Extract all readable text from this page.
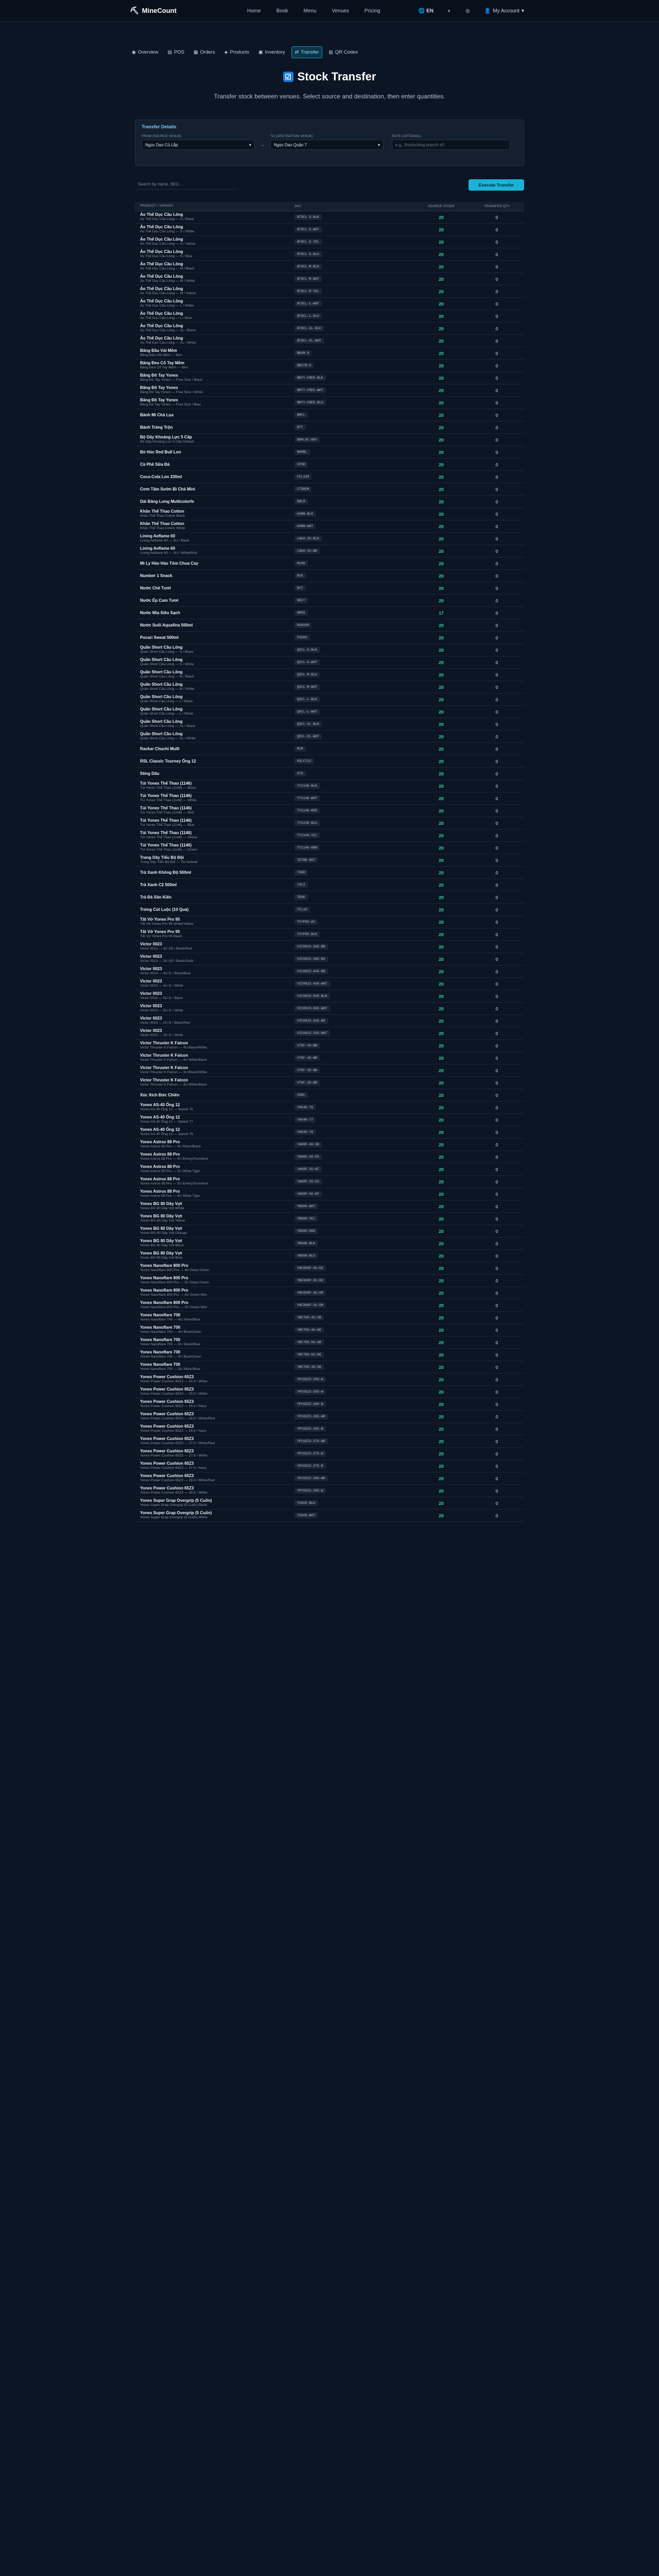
⛏ MineCount	Home	Book	Menu	Venues	Pricing	🌐 EN	◐	◎	👤 My Account ▾
◉ Overview ▤ POS ▦ Orders ◈ Products ▣ Inventory ⇄ Transfer ▥ QR Codes
☑ Stock Transfer
Transfer stock between venues. Select source and destination, then enter quantities.
Transfer Details
FROM (SOURCE VENUE)
Ngọc Dao Củ Lắp	▾ →
TO (DESTINATION VENUE)
Ngọc Dao Quận 7	▾
NOTE (OPTIONAL)
e.g., Restocking branch #2
Search by name, SKU...	Execute Transfer
PRODUCT / VARIANT	SKU	SOURCE STOCK	TRANSFER QTY
Áo Thể Dục Cầu Lông
Áo Thể Dục Cầu Lông — S / Black
ÁTDCL-S-BLK	20	0
Áo Thể Dục Cầu Lông
Áo Thể Dục Cầu Lông — S / White
ÁTDCL-S-WHT	20	0
Áo Thể Dục Cầu Lông
Áo Thể Dục Cầu Lông — S / Yellow
ÁTDCL-S-YEL	20	0
Áo Thể Dục Cầu Lông
Áo Thể Dục Cầu Lông — S / Blue
ÁTDCL-S-BLU	20	0
Áo Thể Dục Cầu Lông
Áo Thể Dục Cầu Lông — M / Black
ÁTDCL-M-BLK	20	0
Áo Thể Dục Cầu Lông
Áo Thể Dục Cầu Lông — M / White
ÁTDCL-M-WHT	20	0
Áo Thể Dục Cầu Lông
Áo Thể Dục Cầu Lông — M / Yellow
ÁTDCL-M-YEL	20	0
Áo Thể Dục Cầu Lông
Áo Thể Dục Cầu Lông — L / White
ÁTDCL-L-WHT	20	0
Áo Thể Dục Cầu Lông
Áo Thể Dục Cầu Lông — L / Blue
ÁTDCL-L-BLU	20	0
Áo Thể Dục Cầu Lông
Áo Thể Dục Cầu Lông — XL / Black
ÁTDCL-XL-BLK	20	0
Áo Thể Dục Cầu Lông
Áo Thể Dục Cầu Lông — XL / White
ÁTDCL-XL-WHT	20	0
Băng Đầu Vải Mềm
Băng Đầu Vải Mềm — Đen
BĐVM-D	20	0
Băng Đeo Cổ Tay Mềm
Băng Đeo Cổ Tay Mềm — Đen
BĐCTM-D	20	0
Băng Đô Tay Yonex
Băng Đô Tay Yonex — Free Size / Black
BĐTY-FREE-BLK	20	0
Băng Đô Tay Yonex
Băng Đô Tay Yonex — Free Size / White
BĐTY-FREE-WHT	20	0
Băng Đô Tay Yonex
Băng Đô Tay Yonex — Free Size / Blue
BĐTY-FREE-BLU	20	0
Bánh Mì Chả Lụa	BMCL	20	0
Bánh Tráng Trộn	BTT	20	0
Bộ Dây Khoáng Lực 5 Cấp
Bộ Dây Khoáng Lực 5 Cấp Default
BDKL5C-DEF	20	0
Bò Húc Red Bull Lon	BHRBL	20	0
Cà Phê Sữa Đá	CPSĐ	20	0
Coca-Cola Lon 330ml	CCL330	20	0
Cơm Tấm Sườn Bì Chả Mini	CTSBCM	20	0
Dải Băng Lưng Multicolorfe	DBLM	20	0
Khăn Thể Thao Cotton
Khăn Thể Thao Cotton Black
KHĂN-BLK	20	0
Khăn Thể Thao Cotton
Khăn Thể Thao Cotton White
KHĂN-WHT	20	0
Lining Aeflame 60
Lining Aeflame 60 — 3U / Black
LA60-3U-BLK	20	0
Lining Aeflame 60
Lining Aeflame 60 — 3U / White/Red
LA60-3U-WR	20	0
Mì Ly Hảo Hảo Tôm Chua Cay	MLHH	20	0
Number 1 Snack	N1S	20	0
Nước Chè Tươi	NCT	20	0
Nước Ép Cam Tươi	NECT	20	0
Nước Mía Siêu Sạch	NMSS	17	0
Nước Suối Aquafina 500ml	NSA500	20	0
Pocari Sweat 500ml	PS500	20	0
Quần Short Cầu Lông
Quần Short Cầu Lông — S / Black
QSCL-S-BLK	20	0
Quần Short Cầu Lông
Quần Short Cầu Lông — S / White
QSCL-S-WHT	20	0
Quần Short Cầu Lông
Quần Short Cầu Lông — M / Black
QSCL-M-BLK	20	0
Quần Short Cầu Lông
Quần Short Cầu Lông — M / White
QSCL-M-WHT	20	0
Quần Short Cầu Lông
Quần Short Cầu Lông — L / Black
QSCL-L-BLK	20	0
Quần Short Cầu Lông
Quần Short Cầu Lông — L / White
QSCL-L-WHT	20	0
Quần Short Cầu Lông
Quần Short Cầu Lông — XL / Black
QSCL-XL-BLK	20	0
Quần Short Cầu Lông
Quần Short Cầu Lông — XL / White
QSCL-XL-WHT	20	0
Rackar Chuchi Mulli	RCM	20	0
RSL Classic Tourney Ống 12	RSLCT12	20	0
Sting Dâu	STD	20	0
Túi Yonex Thể Thao (1146)
Túi Yonex Thể Thao (1146) — Black
TY1146-BLK	20	0
Túi Yonex Thể Thao (1146)
Túi Yonex Thể Thao (1146) — White
TY1146-WHT	20	0
Túi Yonex Thể Thao (1146)
Túi Yonex Thể Thao (1146) — Red
TY1146-RED	20	0
Túi Yonex Thể Thao (1146)
Túi Yonex Thể Thao (1146) — Blue
TY1146-BLU	20	0
Túi Yonex Thể Thao (1146)
Túi Yonex Thể Thao (1146) — Yellow
TY1146-YEL	20	0
Túi Yonex Thể Thao (1146)
Túi Yonex Thể Thao (1146) — Green
TY1146-GRN	20	0
Trang Dây Tiểu Bộ Đội
Trang Dây Tiểu Bộ Đội — Tie Default
TDTBĐ-DEF	20	0
Trà Xanh Không Độ 500ml	TXKĐ	20	0
Trà Xanh C2 500ml	TXC2	20	0
Trà Đá Sân Kiến	TĐSK	20	0
Trứng Cút Luộc (10 Quả)	TCL10	20	0
Tất Vớ Yonex Pro 95
Tất Vớ Yonex Pro 95 White/Yellow
TVYP95-WY	20	0
Tất Vớ Yonex Pro 95
Tất Vớ Yonex Pro 95 Black
TVYP95-BLK	20	0
Victor 0023
Victor 0023 — 3U G5 / Black/Red
VIC0023-3U5-BR	20	0
Victor 0023
Victor 0023 — 3U G5 / Black/Gold
VIC0023-3U5-BG	20	0
Victor 0023
Victor 0023 — 4U G / Black/Blue
VIC0023-4U5-BB	20	0
Victor 0023
Victor 0023 — 4U G / White
VIC0023-4U5-WHT	20	0
Victor 0023
Victor 0023 — 5U G / Black
VIC0023-5U5-BLK	20	0
Victor 0023
Victor 0023 — 5U G / White
VIC0023-5U5-WHT	20	0
Victor 0023
Victor 0023 — 2U G / Black/Red
VIC0023-2U5-BR	20	0
Victor 0023
Victor 0023 — 2U G / White
VIC0023-2U5-WHT	20	0
Victor Thruster K Falcon
Victor Thruster K Falcon — 4U Black/White
VTKF-4U-BW	20	0
Victor Thruster K Falcon
Victor Thruster K Falcon — 4U White/Black
VTKF-4U-WB	20	0
Victor Thruster K Falcon
Victor Thruster K Falcon — 3U Black/White
VTKF-3U-BW	20	0
Victor Thruster K Falcon
Victor Thruster K Falcon — 3U White/Black
VTKF-3U-WB	20	0
Xúc Xích Đức Chiên	XXĐC	20	0
Yonex AS-40 Ống 12
Yonex AS-40 Ống 12 — Speed 76
YAS40-76	20	0
Yonex AS-40 Ống 12
Yonex AS-40 Ống 12 — Speed 77
YAS40-77	20	0
Yonex AS-40 Ống 12
Yonex AS-40 Ống 12 — Speed 78
YAS40-78	20	0
Yonex Astrox 88 Pro
Yonex Astrox 88 Pro — 4U Silver/Black
YA88P-4U-SB	20	0
Yonex Astrox 88 Pro
Yonex Astrox 88 Pro — 4U Emery/Sunshine
YA88P-4U-ES	20	0
Yonex Astrox 88 Pro
Yonex Astrox 88 Pro — 3U White Tiger
YA88P-3U-WT	20	0
Yonex Astrox 88 Pro
Yonex Astrox 88 Pro — 3U Emery/Sunshine
YA88P-3U-ES	20	0
Yonex Astrox 88 Pro
Yonex Astrox 88 Pro — 4U White Tiger
YA88P-4U-WT	20	0
Yonex BG 80 Dây Vợt
Yonex BG 80 Dây Vợt White
YBG80-WHT	20	0
Yonex BG 80 Dây Vợt
Yonex BG 80 Dây Vợt Yellow
YBG80-YEL	20	0
Yonex BG 80 Dây Vợt
Yonex BG 80 Dây Vợt Orange
YBG80-ORG	20	0
Yonex BG 80 Dây Vợt
Yonex BG 80 Dây Vợt Black
YBG80-BLK	20	0
Yonex BG 80 Dây Vợt
Yonex BG 80 Dây Vợt Blue
YBG80-BLU	20	0
Yonex Nanoflare 800 Pro
Yonex Nanoflare 800 Pro — 4U Deep Green
YNF800P-4U-DG	20	0
Yonex Nanoflare 800 Pro
Yonex Nanoflare 800 Pro — 3U Deep Green
YNF800P-3U-DG	20	0
Yonex Nanoflare 800 Pro
Yonex Nanoflare 800 Pro — 4U Green Mist
YNF800P-4U-GM	20	0
Yonex Nanoflare 800 Pro
Yonex Nanoflare 800 Pro — 3U Green Mist
YNF800P-3U-GM	20	0
Yonex Nanoflare 700
Yonex Nanoflare 700 — 4U Silver/Blue
YNF700-4U-SB	20	0
Yonex Nanoflare 700
Yonex Nanoflare 700 — 4U Blue/Green
YNF700-4U-BG	20	0
Yonex Nanoflare 700
Yonex Nanoflare 700 — 5U Silver/Blue
YNF700-5U-SB	20	0
Yonex Nanoflare 700
Yonex Nanoflare 700 — 5U Blue/Green
YNF700-5U-BG	20	0
Yonex Nanoflare 700
Yonex Nanoflare 700 — 3U Silver/Blue
YNF700-3U-SB	20	0
Yonex Power Cushion 65Z3
Yonex Power Cushion 65Z3 — 25.0 / White
YPC65Z3-250-W	20	0
Yonex Power Cushion 65Z3
Yonex Power Cushion 65Z3 — 25.5 / White
YPC65Z3-255-W	20	0
Yonex Power Cushion 65Z3
Yonex Power Cushion 65Z3 — 26.0 / Navy
YPC65Z3-260-N	20	0
Yonex Power Cushion 65Z3
Yonex Power Cushion 65Z3 — 26.5 / White/Red
YPC65Z3-265-WR	20	0
Yonex Power Cushion 65Z3
Yonex Power Cushion 65Z3 — 26.5 / Navy
YPC65Z3-265-N	20	0
Yonex Power Cushion 65Z3
Yonex Power Cushion 65Z3 — 27.0 / White/Red
YPC65Z3-270-WR	20	0
Yonex Power Cushion 65Z3
Yonex Power Cushion 65Z3 — 27.5 / White
YPC65Z3-275-W	20	0
Yonex Power Cushion 65Z3
Yonex Power Cushion 65Z3 — 27.5 / Navy
YPC65Z3-275-N	20	0
Yonex Power Cushion 65Z3
Yonex Power Cushion 65Z3 — 28.0 / White/Red
YPC65Z3-280-WR	20	0
Yonex Power Cushion 65Z3
Yonex Power Cushion 65Z3 — 28.5 / White
YPC65Z3-285-W	20	0
Yonex Super Grap Overgrip (5 Cuốn)
Yonex Super Grap Overgrip (5 Cuốn) Black
YSGO5-BLK	20	0
Yonex Super Grap Overgrip (5 Cuốn)
Yonex Super Grap Overgrip (5 Cuốn) White
YSGO5-WHT	20	0
